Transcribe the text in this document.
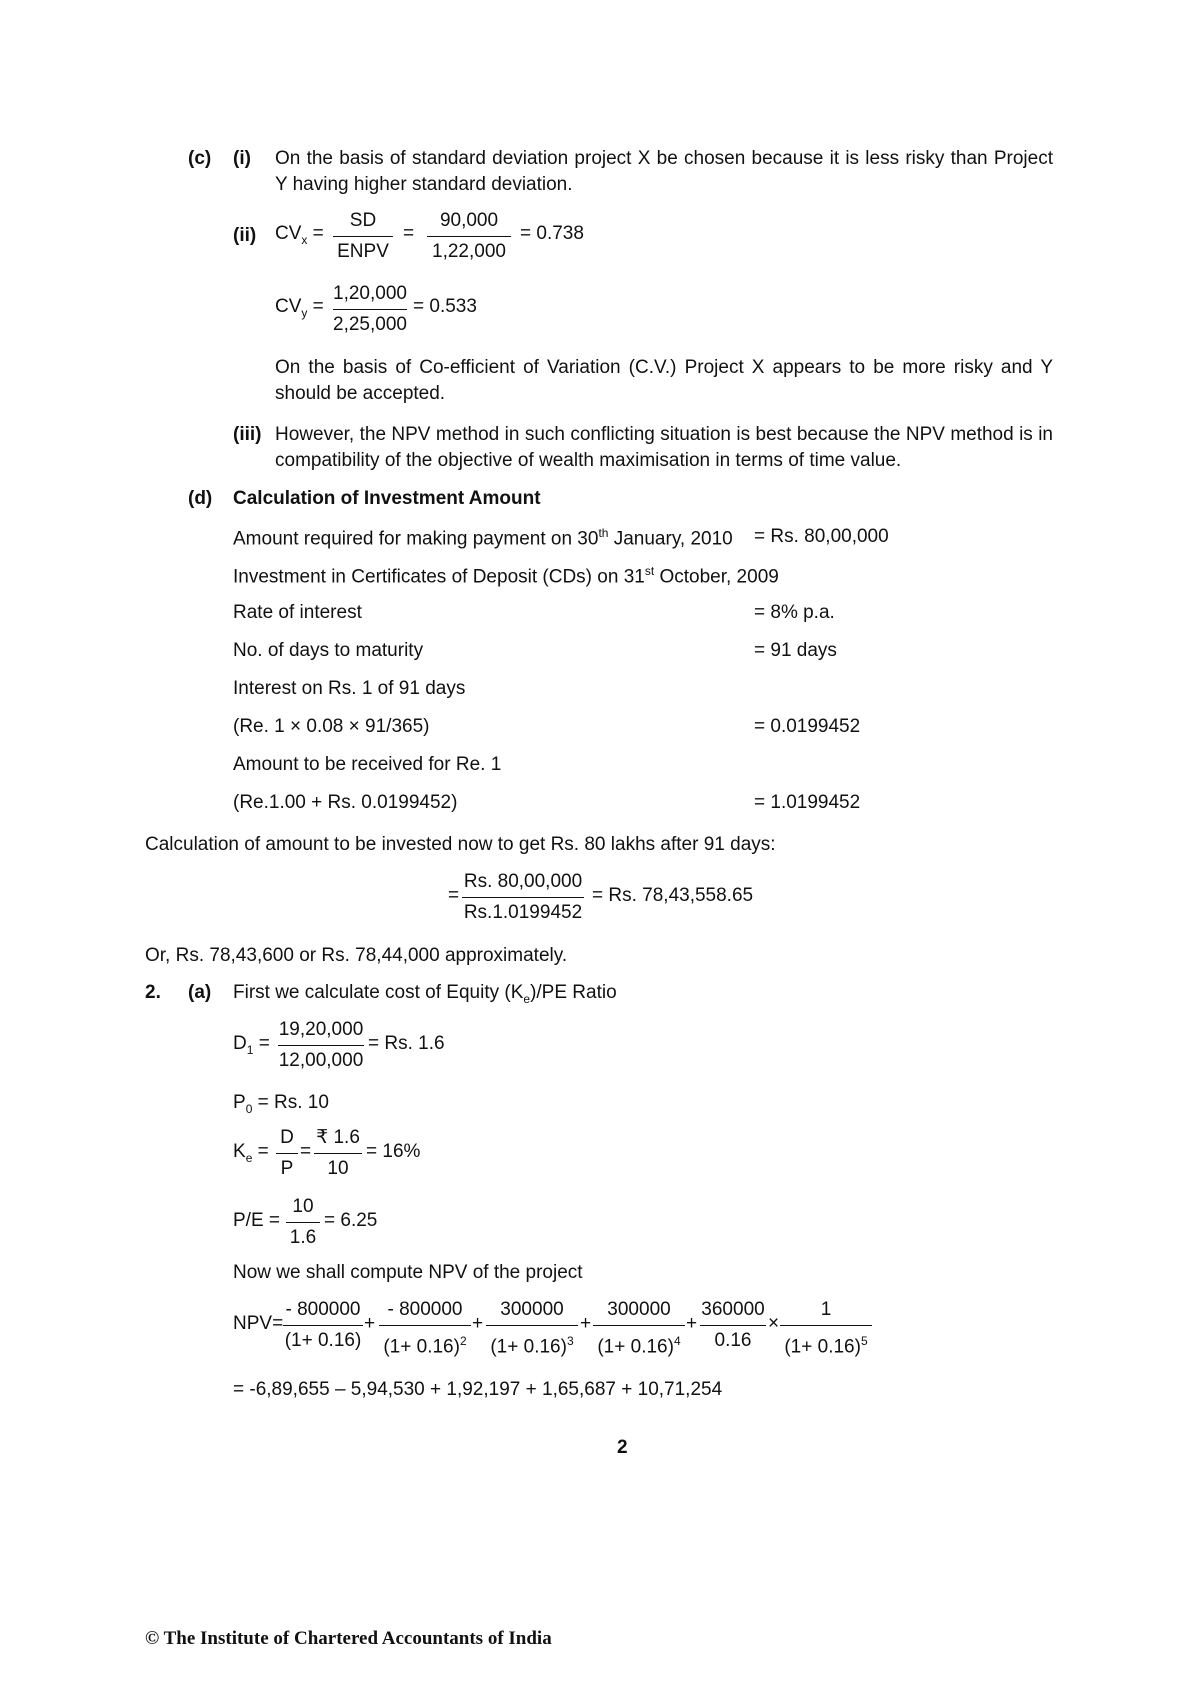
(c) (i) On the basis of standard deviation project X be chosen because it is less risky than Project Y having higher standard deviation.
(ii) $CV_x$ =
SD
ENPV
=
90,000
1,22,000
= 0.738
$CV_y$ =
1,20,000
2,25,000
= 0.533
On the basis of Co-efficient of Variation (C.V.) Project X appears to be more risky and Y should be accepted.
(iii) However, the NPV method in such conflicting situation is best because the NPV method is in compatibility of the objective of wealth maximisation in terms of time value.
(d) Calculation of Investment Amount
Amount required for making payment on 30th January, 2010 = Rs. 80,00,000
Investment in Certificates of Deposit (CDs) on 31st October, 2009
Rate of interest	= 8% p.a.
No. of days to maturity	= 91 days
Interest on Rs. 1 of 91 days
(Re. 1 × 0.08 × 91/365)	= 0.0199452
Amount to be received for Re. 1
(Re.1.00 + Rs. 0.0199452)	= 1.0199452
Calculation of amount to be invested now to get Rs. 80 lakhs after 91 days:
=
Rs. 80,00,000
Rs.1.0199452
= Rs. 78,43,558.65
Or, Rs. 78,43,600 or Rs. 78,44,000 approximately.
2. (a) First we calculate cost of Equity $(K_e)/PE$ Ratio
$D_1$ =
19,20,000
12,00,000
= Rs. 1.6
$P_0 = Rs$. 10
$K_e$ =
D
P
=
₹ 1.6
10
= 16%
P/E =
10
1.6
= 6.25
Now we shall compute NPV of the project
NPV=
- 800000
(1+ 0.16)
+
- 800000
$(1+ 0.16)^2$
+
300000
$(1+ 0.16)^3$
+
300000
$(1+ 0.16)^4$
+
360000
0.16
×
1
$(1+ 0.16)^5$
= -6,89,655 – 5,94,530 + 1,92,197 + 1,65,687 + 10,71,254
2
© The Institute of Chartered Accountants of India
